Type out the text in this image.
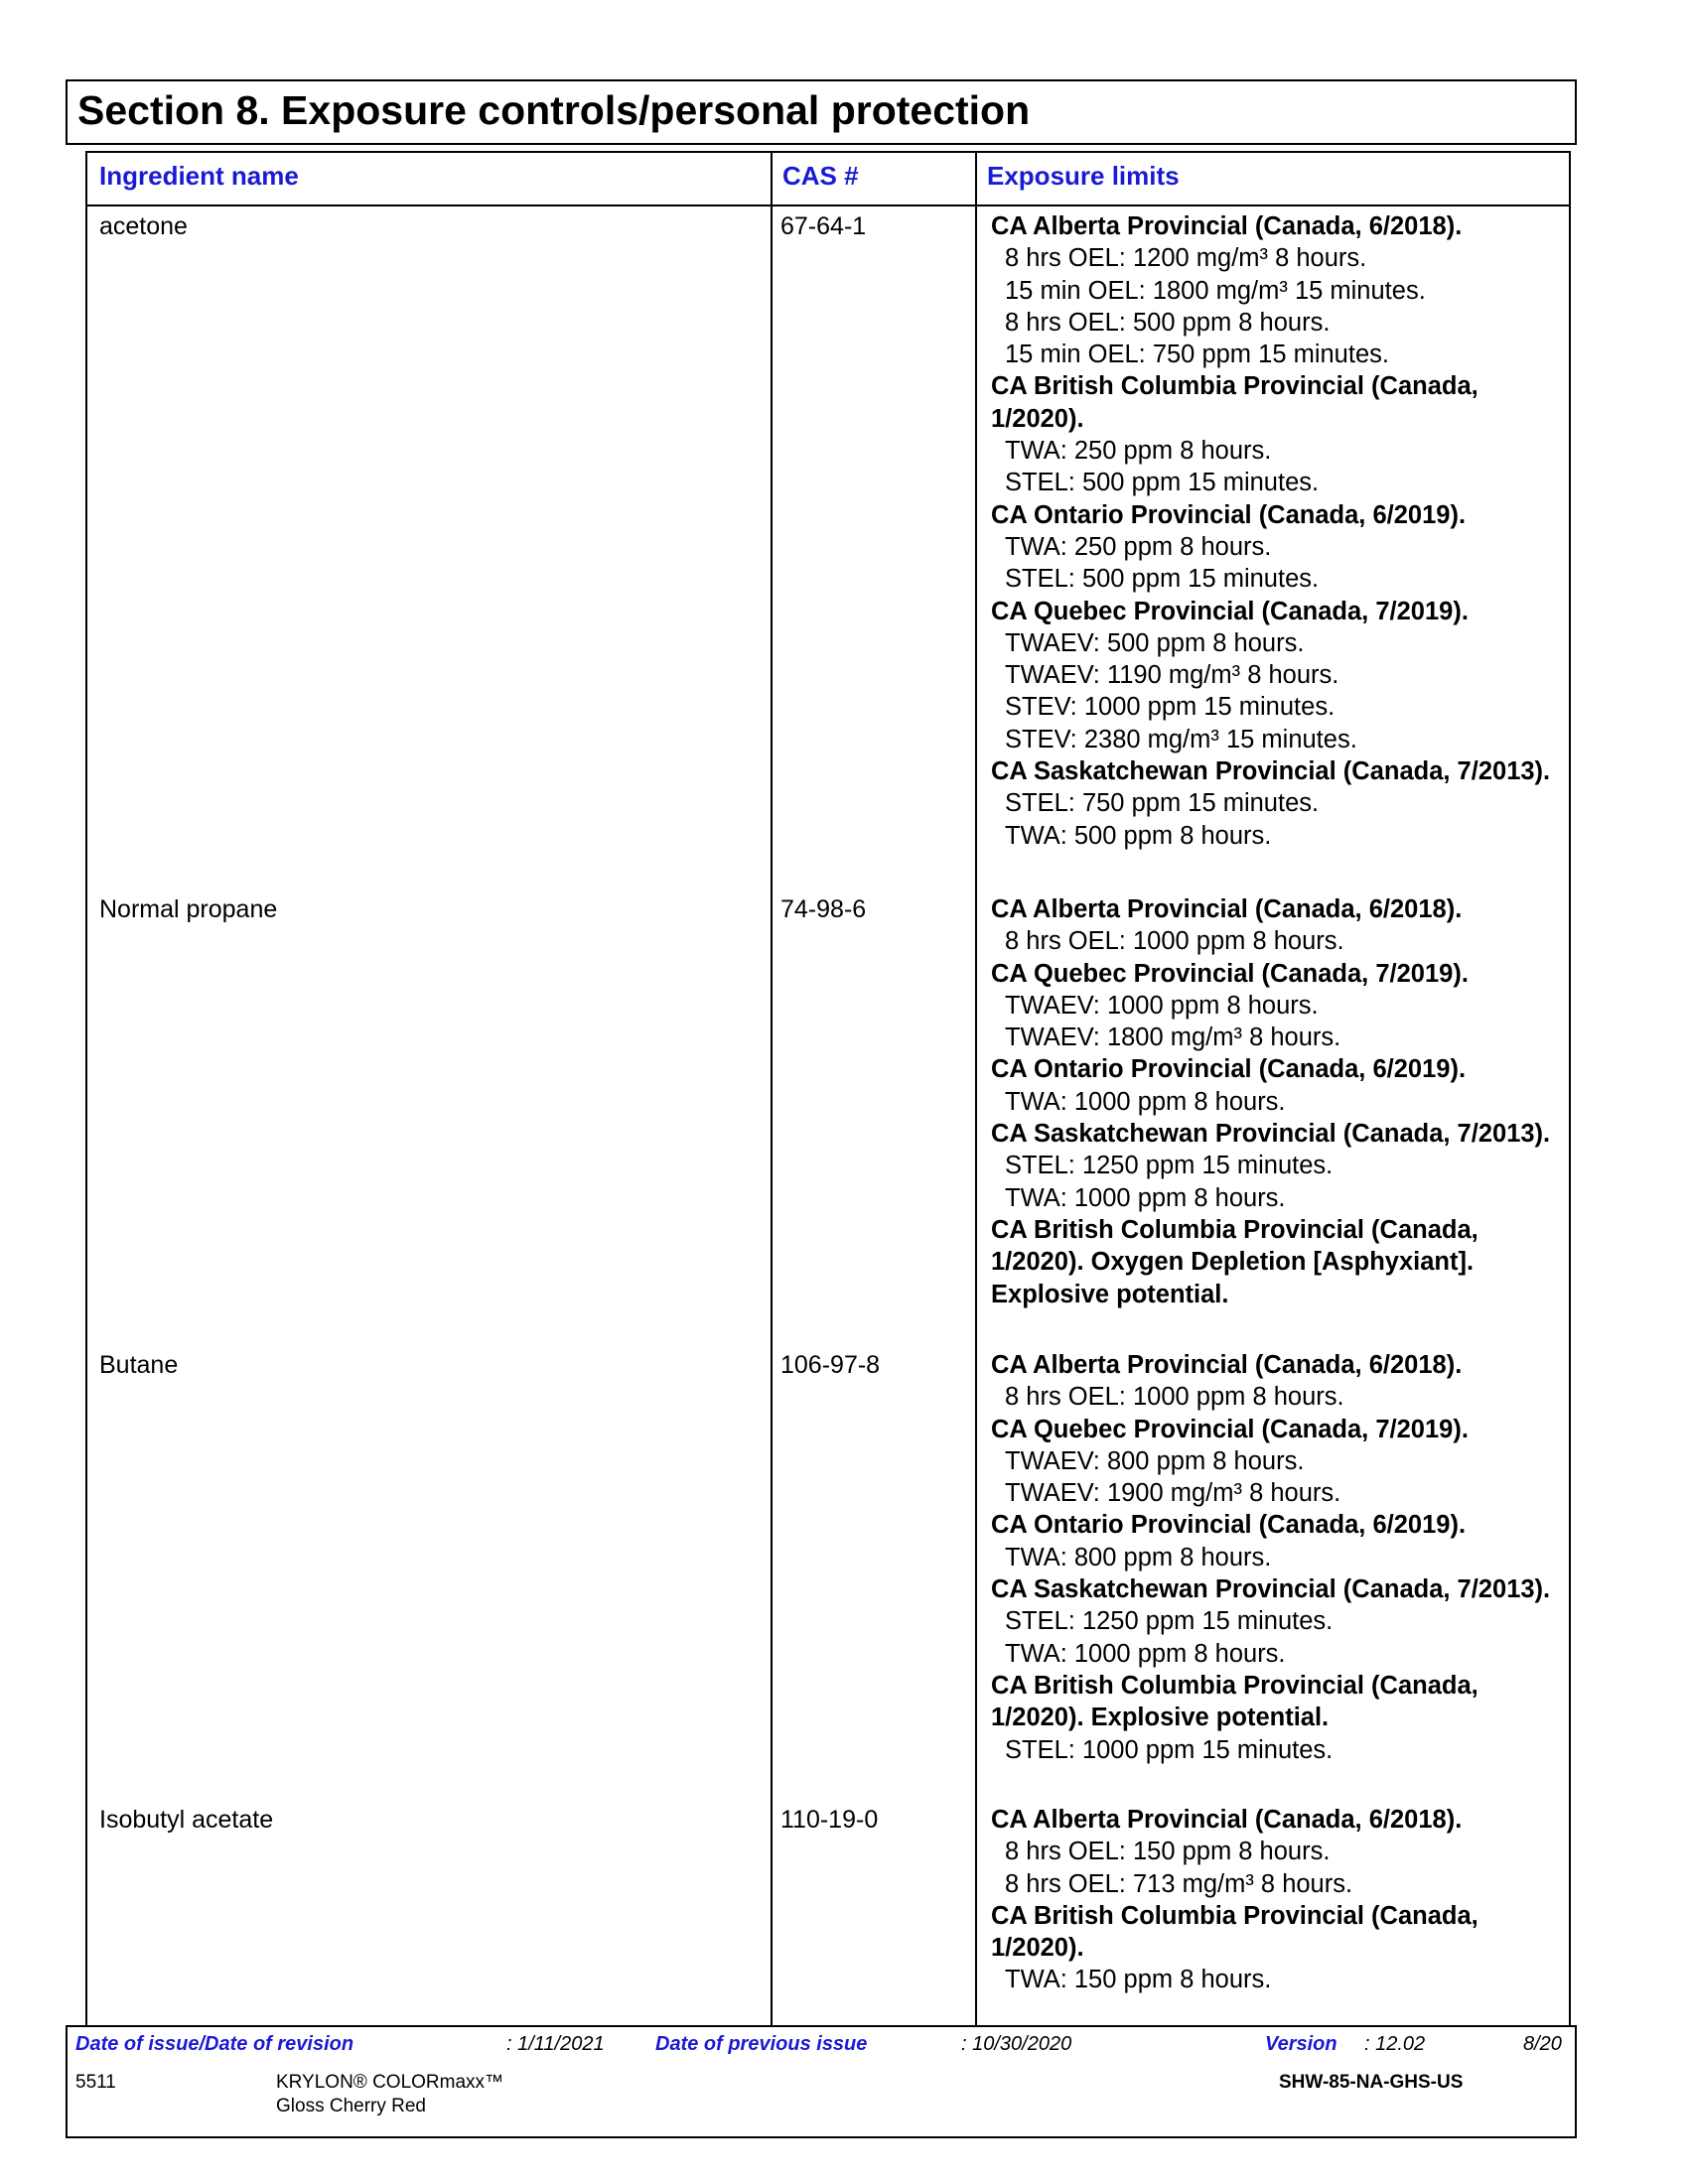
Section 8. Exposure controls/personal protection
Ingredient name	CAS #	Exposure limits
acetone	67-64-1	CA Alberta Provincial (Canada, 6/2018).
8 hrs OEL: 1200 mg/m³ 8 hours.
15 min OEL: 1800 mg/m³ 15 minutes.
8 hrs OEL: 500 ppm 8 hours.
15 min OEL: 750 ppm 15 minutes.
CA British Columbia Provincial (Canada, 1/2020).
TWA: 250 ppm 8 hours.
STEL: 500 ppm 15 minutes.
CA Ontario Provincial (Canada, 6/2019).
TWA: 250 ppm 8 hours.
STEL: 500 ppm 15 minutes.
CA Quebec Provincial (Canada, 7/2019).
TWAEV: 500 ppm 8 hours.
TWAEV: 1190 mg/m³ 8 hours.
STEV: 1000 ppm 15 minutes.
STEV: 2380 mg/m³ 15 minutes.
CA Saskatchewan Provincial (Canada, 7/2013).
STEL: 750 ppm 15 minutes.
TWA: 500 ppm 8 hours.
Normal propane	74-98-6	CA Alberta Provincial (Canada, 6/2018).
8 hrs OEL: 1000 ppm 8 hours.
CA Quebec Provincial (Canada, 7/2019).
TWAEV: 1000 ppm 8 hours.
TWAEV: 1800 mg/m³ 8 hours.
CA Ontario Provincial (Canada, 6/2019).
TWA: 1000 ppm 8 hours.
CA Saskatchewan Provincial (Canada, 7/2013).
STEL: 1250 ppm 15 minutes.
TWA: 1000 ppm 8 hours.
CA British Columbia Provincial (Canada, 1/2020). Oxygen Depletion [Asphyxiant]. Explosive potential.
Butane	106-97-8	CA Alberta Provincial (Canada, 6/2018).
8 hrs OEL: 1000 ppm 8 hours.
CA Quebec Provincial (Canada, 7/2019).
TWAEV: 800 ppm 8 hours.
TWAEV: 1900 mg/m³ 8 hours.
CA Ontario Provincial (Canada, 6/2019).
TWA: 800 ppm 8 hours.
CA Saskatchewan Provincial (Canada, 7/2013).
STEL: 1250 ppm 15 minutes.
TWA: 1000 ppm 8 hours.
CA British Columbia Provincial (Canada, 1/2020). Explosive potential.
STEL: 1000 ppm 15 minutes.
Isobutyl acetate	110-19-0	CA Alberta Provincial (Canada, 6/2018).
8 hrs OEL: 150 ppm 8 hours.
8 hrs OEL: 713 mg/m³ 8 hours.
CA British Columbia Provincial (Canada, 1/2020).
TWA: 150 ppm 8 hours.
Date of issue/Date of revision	: 1/11/2021	Date of previous issue	: 10/30/2020	Version : 12.02	8/20
5511	KRYLON® COLORmaxx™
Gloss Cherry Red
SHW-85-NA-GHS-US
